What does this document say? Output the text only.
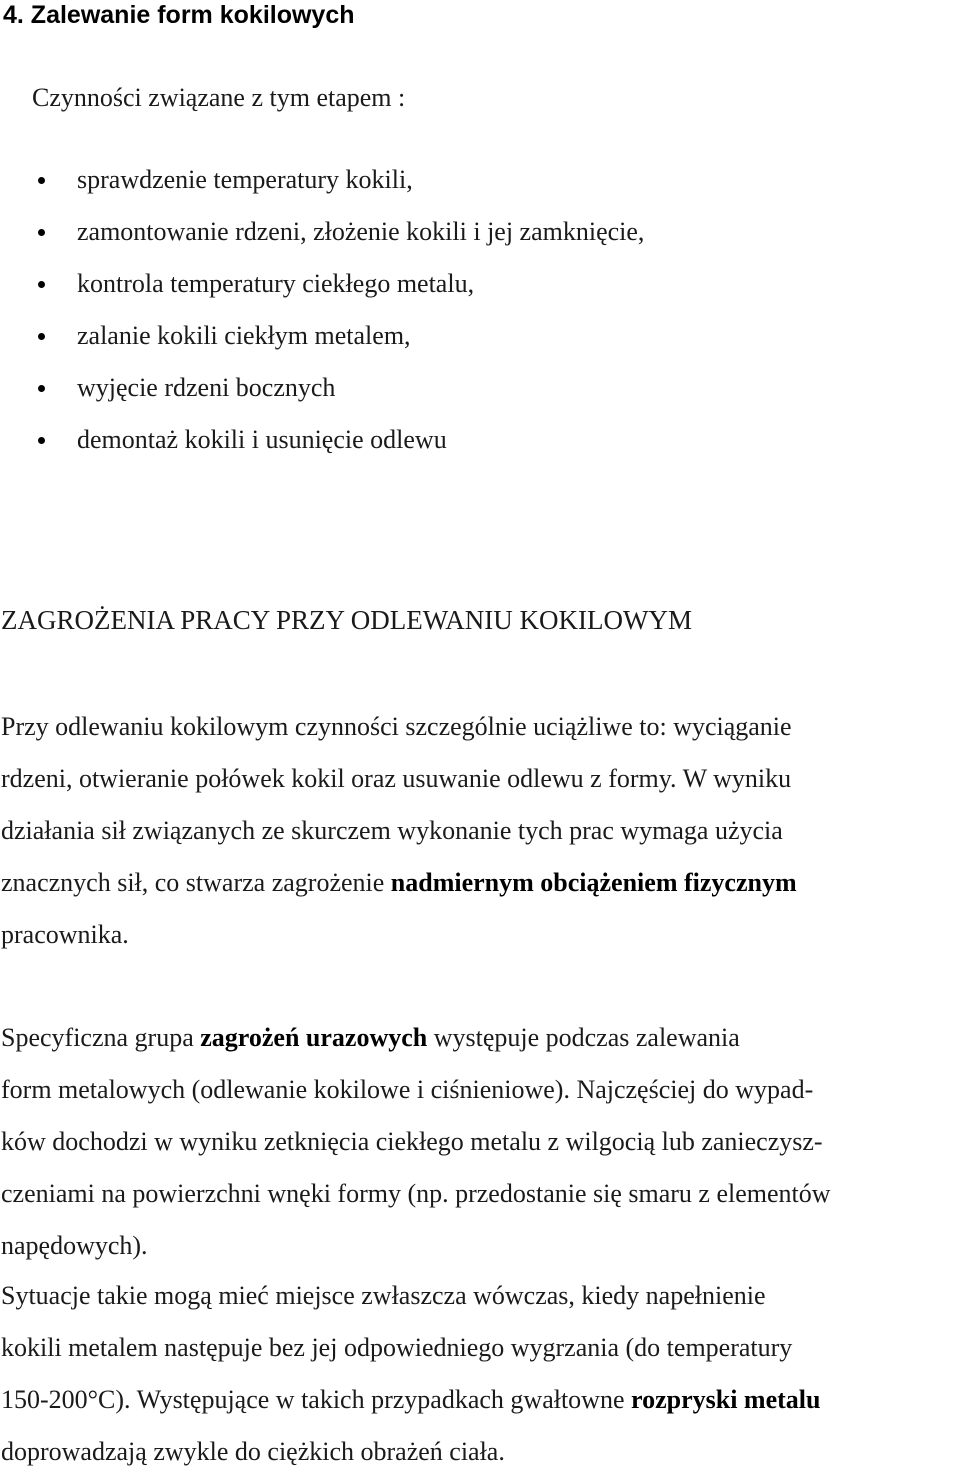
4. Zalewanie form kokilowych
Czynności związane z tym etapem :
sprawdzenie temperatury kokili,
zamontowanie rdzeni, złożenie kokili i jej zamknięcie,
kontrola temperatury ciekłego metalu,
zalanie kokili ciekłym metalem,
wyjęcie rdzeni bocznych
demontaż kokili i usunięcie odlewu
ZAGROŻENIA PRACY PRZY ODLEWANIU KOKILOWYM

Przy odlewaniu kokilowym czynności szczególnie uciążliwe to: wyciąganie
rdzeni, otwieranie połówek kokil oraz usuwanie odlewu z formy. W wyniku
działania sił związanych ze skurczem wykonanie tych prac wymaga użycia
znacznych sił, co stwarza zagrożenie nadmiernym obciążeniem fizycznym
pracownika.

Specyficzna grupa zagrożeń urazowych występuje podczas zalewania
form metalowych (odlewanie kokilowe i ciśnieniowe). Najczęściej do wypad-
ków dochodzi w wyniku zetknięcia ciekłego metalu z wilgocią lub zanieczysz-
czeniami na powierzchni wnęki formy (np. przedostanie się smaru z elementów
napędowych).

Sytuacje takie mogą mieć miejsce zwłaszcza wówczas, kiedy napełnienie
kokili metalem następuje bez jej odpowiedniego wygrzania (do temperatury
150-200°C). Występujące w takich przypadkach gwałtowne rozpryski metalu
doprowadzają zwykle do ciężkich obrażeń ciała.
